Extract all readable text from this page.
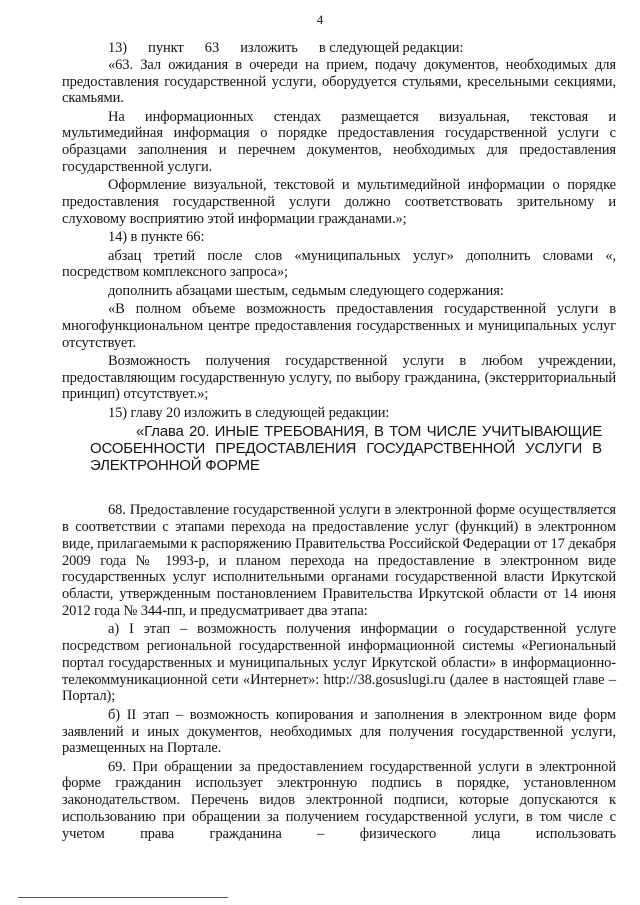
4

13)      пункт      63      изложить      в следующей редакции:

«63. Зал ожидания в очереди на прием, подачу документов, необходимых для предоставления государственной услуги, оборудуется стульями, кресельными секциями, скамьями.

На информационных стендах размещается визуальная, текстовая и мультимедийная информация о порядке предоставления государственной услуги с образцами заполнения и перечнем документов, необходимых для предоставления государственной услуги.

Оформление визуальной, текстовой и мультимедийной информации о порядке предоставления государственной услуги должно соответствовать зрительному и слуховому восприятию этой информации гражданами.»;

14) в пункте 66:

абзац третий после слов «муниципальных услуг» дополнить словами «, посредством комплексного запроса»;

дополнить абзацами шестым, седьмым следующего содержания:

«В полном объеме возможность предоставления государственной услуги в многофункциональном центре предоставления государственных и муниципальных услуг отсутствует.

Возможность получения государственной услуги в любом учреждении, предоставляющим государственную услугу, по выбору гражданина, (экстерриториальный принцип) отсутствует.»;

15) главу 20 изложить в следующей редакции:

«Глава 20. ИНЫЕ ТРЕБОВАНИЯ, В ТОМ ЧИСЛЕ УЧИТЫВАЮЩИЕ ОСОБЕННОСТИ ПРЕДОСТАВЛЕНИЯ ГОСУДАРСТВЕННОЙ УСЛУГИ В ЭЛЕКТРОННОЙ ФОРМЕ

68. Предоставление государственной услуги в электронной форме осуществляется в соответствии с этапами перехода на предоставление услуг (функций) в электронном виде, прилагаемыми к распоряжению Правительства Российской Федерации от 17 декабря 2009 года № 1993-р, и планом перехода на предоставление в электронном виде государственных услуг исполнительными органами государственной власти Иркутской области, утвержденным постановлением Правительства Иркутской области от 14 июня 2012 года № 344-пп, и предусматривает два этапа:

а) I этап – возможность получения информации о государственной услуге посредством региональной государственной информационной системы «Региональный портал государственных и муниципальных услуг Иркутской области» в информационно-телекоммуникационной сети «Интернет»: http://38.gosuslugi.ru (далее в настоящей главе – Портал);

б) II этап – возможность копирования и заполнения в электронном виде форм заявлений и иных документов, необходимых для получения государственной услуги, размещенных на Портале.

69. При обращении за предоставлением государственной услуги в электронной форме гражданин использует электронную подпись в порядке, установленном законодательством. Перечень видов электронной подписи, которые допускаются к использованию при обращении за получением государственной услуги, в том числе с учетом права гражданина – физического лица использовать
